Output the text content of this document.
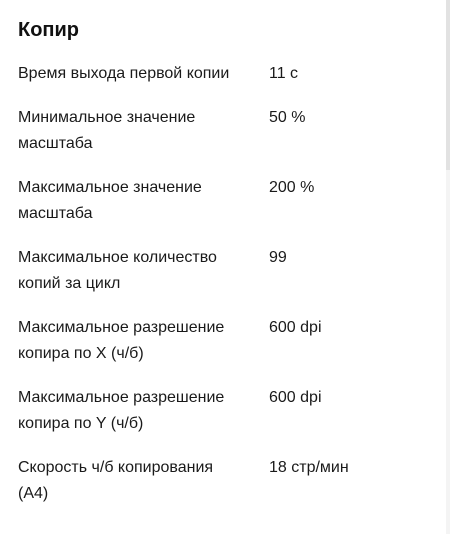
Копир
Время выхода первой копии	11 с
Минимальное значение масштаба
50 %
Максимальное значение масштаба
200 %
Максимальное количество копий за цикл
99
Максимальное разрешение копира по X (ч/б)
600 dpi
Максимальное разрешение копира по Y (ч/б)
600 dpi
Скорость ч/б копирования (A4)
18 стр/мин
